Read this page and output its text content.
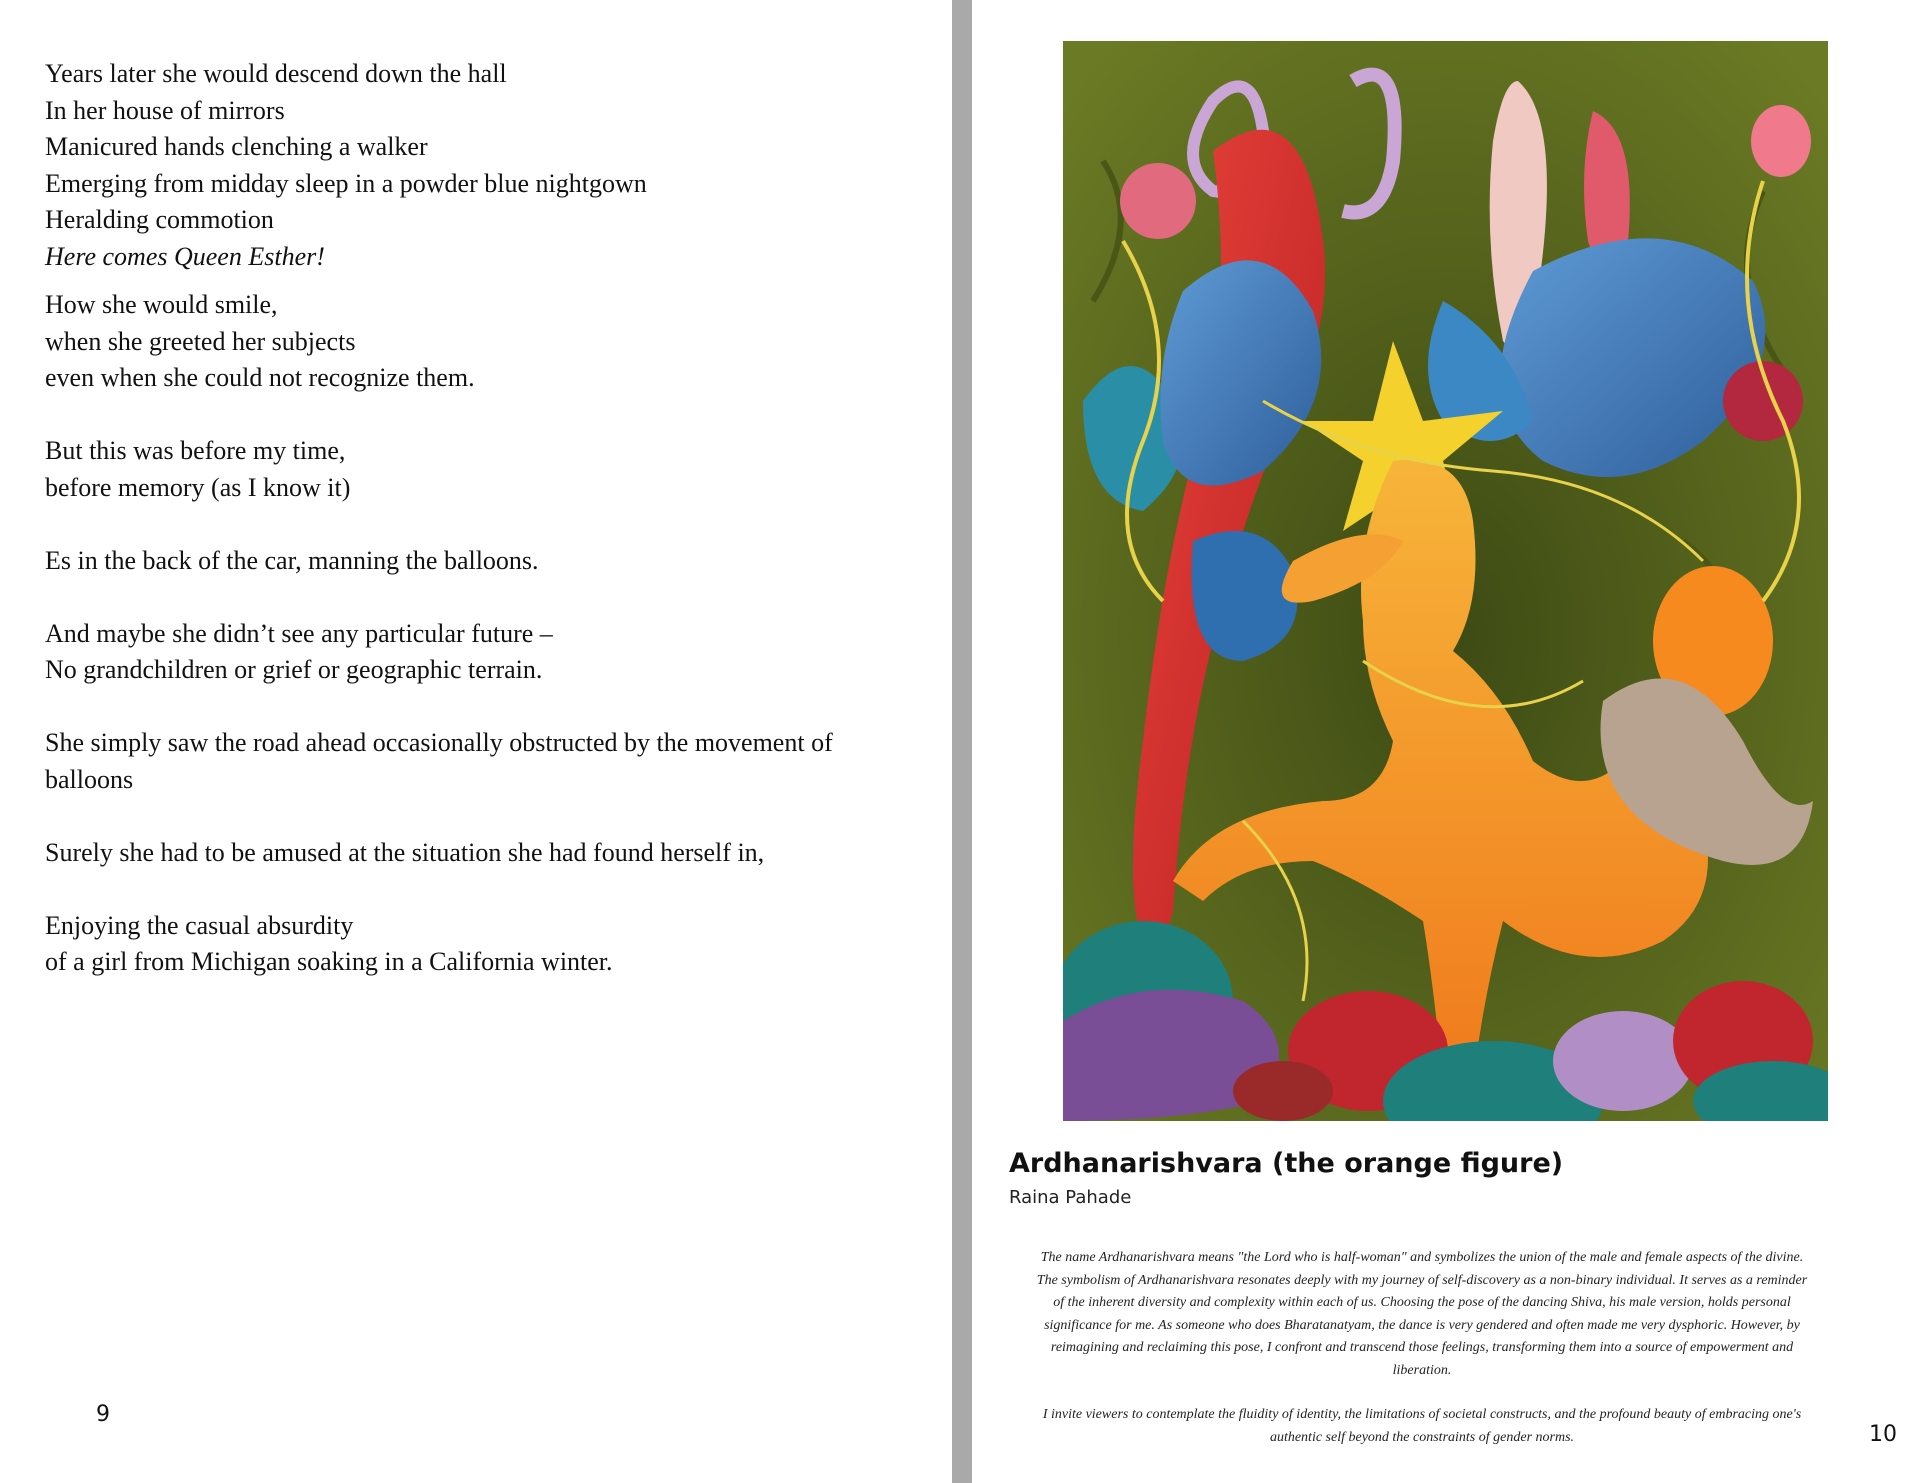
Years later she would descend down the hall
In her house of mirrors
Manicured hands clenching a walker
Emerging from midday sleep in a powder blue nightgown
Heralding commotion
Here comes Queen Esther!
How she would smile,
when she greeted her subjects
even when she could not recognize them.
But this was before my time,
before memory (as I know it)
Es in the back of the car, manning the balloons.
And maybe she didn’t see any particular future –
No grandchildren or grief or geographic terrain.
She simply saw the road ahead occasionally obstructed by the movement of balloons
Surely she had to be amused at the situation she had found herself in,
Enjoying the casual absurdity
of a girl from Michigan soaking in a California winter.
9
Ardhanarishvara (the orange figure)
Raina Pahade

The name Ardhanarishvara means "the Lord who is half-woman" and symbolizes the union of the male and female aspects of the divine. The symbolism of Ardhanarishvara resonates deeply with my journey of self-discovery as a non-binary individual. It serves as a reminder of the inherent diversity and complexity within each of us. Choosing the pose of the dancing Shiva, his male version, holds personal significance for me. As someone who does Bharatanatyam, the dance is very gendered and often made me very dysphoric. However, by reimagining and reclaiming this pose, I confront and transcend those feelings, transforming them into a source of empowerment and liberation.

I invite viewers to contemplate the fluidity of identity, the limitations of societal constructs, and the profound beauty of embracing one's authentic self beyond the constraints of gender norms.	10
